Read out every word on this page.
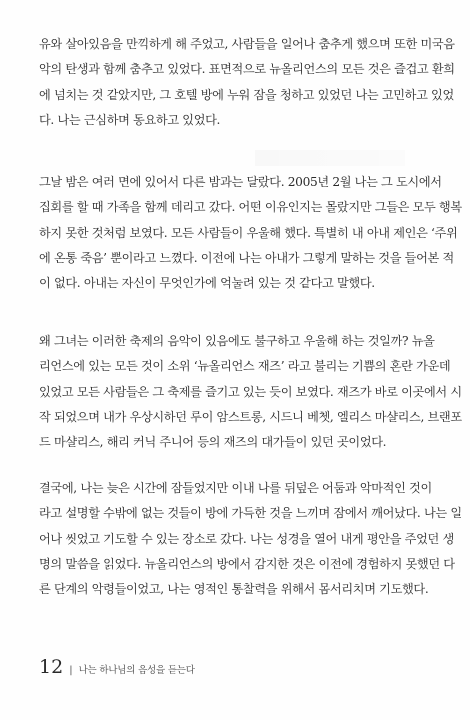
유와 살아있음을 만끽하게 해 주었고, 사람들을 일어나 춤추게 했으며 또한 미국음
악의 탄생과 함께 춤추고 있었다. 표면적으로 뉴올리언스의 모든 것은 즐겁고 환희
에 넘치는 것 같았지만, 그 호텔 방에 누워 잠을 청하고 있었던 나는 고민하고 있었
다. 나는 근심하며 동요하고 있었다.

그날 밤은 여러 면에 있어서 다른 밤과는 달랐다. 2005년 2월 나는 그 도시에서
집회를 할 때 가족을 함께 데리고 갔다. 어떤 이유인지는 몰랐지만 그들은 모두 행복
하지 못한 것처럼 보였다. 모든 사람들이 우울해 했다. 특별히 내 아내 제인은 ‘주위
에 온통 죽음’ 뿐이라고 느꼈다. 이전에 나는 아내가 그렇게 말하는 것을 들어본 적
이 없다. 아내는 자신이 무엇인가에 억눌려 있는 것 같다고 말했다.

왜 그녀는 이러한 축제의 음악이 있음에도 불구하고 우울해 하는 것일까? 뉴올
리언스에 있는 모든 것이 소위 ‘뉴올리언스 재즈’ 라고 불리는 기쁨의 혼란 가운데
있었고 모든 사람들은 그 축제를 즐기고 있는 듯이 보였다. 재즈가 바로 이곳에서 시
작 되었으며 내가 우상시하던 루이 암스트롱, 시드니 베쳇, 엘리스 마샬리스, 브랜포
드 마샬리스, 해리 커닉 주니어 등의 재즈의 대가들이 있던 곳이었다.

결국에, 나는 늦은 시간에 잠들었지만 이내 나를 뒤덮은 어둠과 악마적인 것이
라고 설명할 수밖에 없는 것들이 방에 가득한 것을 느끼며 잠에서 깨어났다. 나는 일
어나 씻었고 기도할 수 있는 장소로 갔다. 나는 성경을 열어 내게 평안을 주었던 생
명의 말씀을 읽었다. 뉴올리언스의 방에서 감지한 것은 이전에 경험하지 못했던 다
른 단계의 악령들이었고, 나는 영적인 통찰력을 위해서 몸서리치며 기도했다.

12 | 나는 하나님의 음성을 듣는다
